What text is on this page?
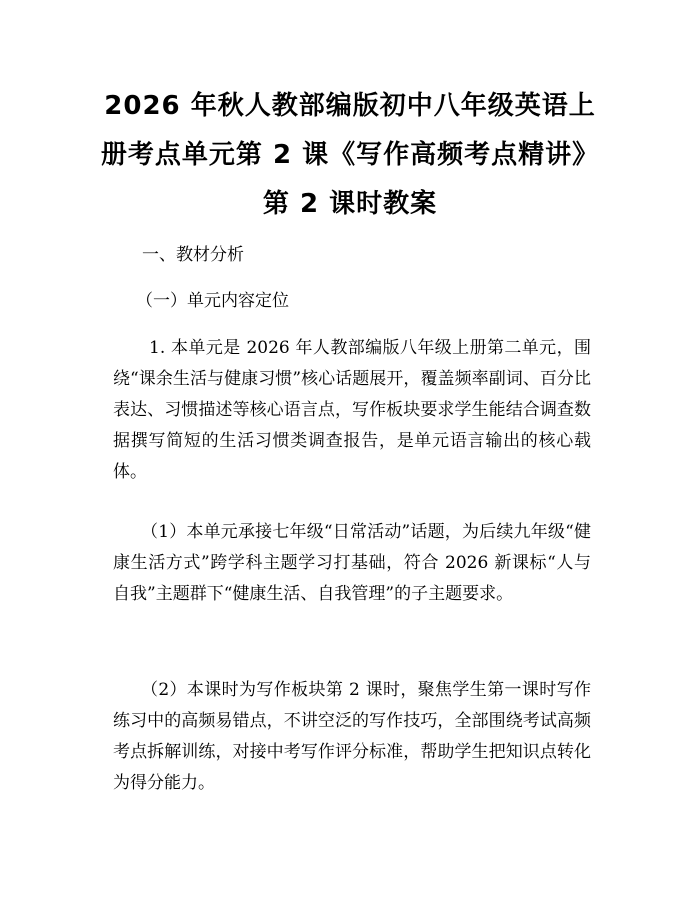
2026 年秋人教部编版初中八年级英语上册考点单元第 2 课《写作高频考点精讲》第 2 课时教案

一、教材分析

（一）单元内容定位

1. 本单元是 2026 年人教部编版八年级上册第二单元，围绕“课余生活与健康习惯”核心话题展开，覆盖频率副词、百分比表达、习惯描述等核心语言点，写作板块要求学生能结合调查数据撰写简短的生活习惯类调查报告，是单元语言输出的核心载体。

（1）本单元承接七年级“日常活动”话题，为后续九年级“健康生活方式”跨学科主题学习打基础，符合 2026 新课标“人与自我”主题群下“健康生活、自我管理”的子主题要求。

（2）本课时为写作板块第 2 课时，聚焦学生第一课时写作练习中的高频易错点，不讲空泛的写作技巧，全部围绕考试高频考点拆解训练，对接中考写作评分标准，帮助学生把知识点转化为得分能力。
